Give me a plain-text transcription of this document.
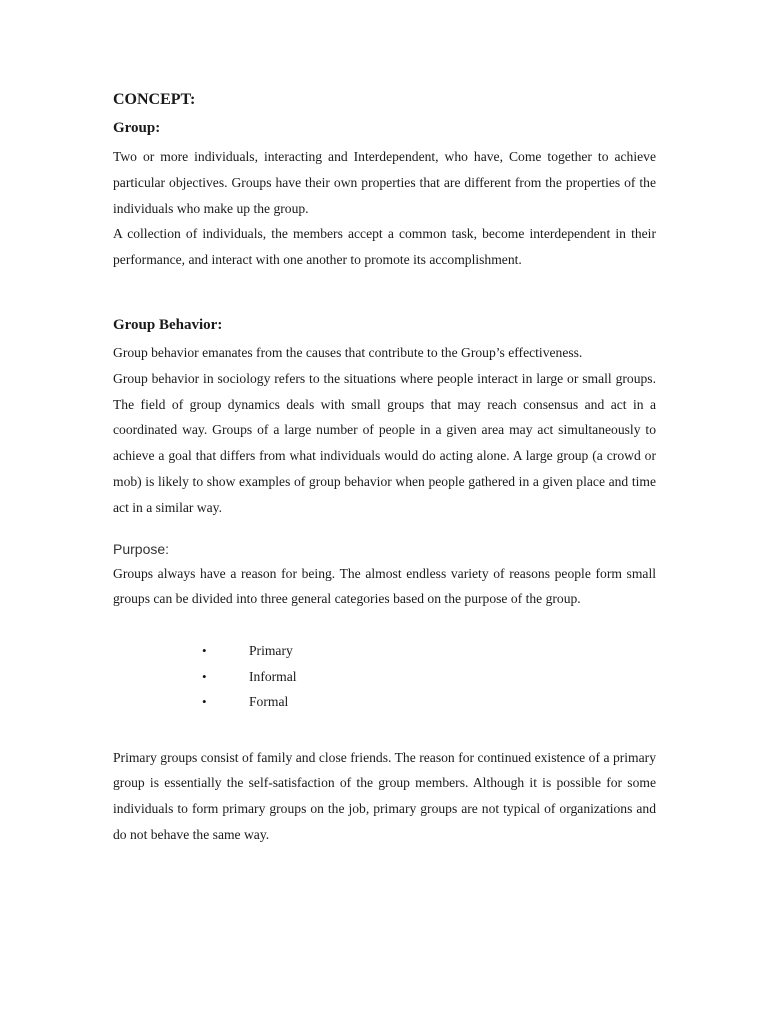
CONCEPT:
Group:

Two or more individuals, interacting and Interdependent, who have, Come together to achieve particular objectives. Groups have their own properties that are different from the properties of the individuals who make up the group.

A collection of individuals, the members accept a common task, become interdependent in their performance, and interact with one another to promote its accomplishment.

Group Behavior:

Group behavior emanates from the causes that contribute to the Group’s effectiveness.

Group behavior in sociology refers to the situations where people interact in large or small groups. The field of group dynamics deals with small groups that may reach consensus and act in a coordinated way. Groups of a large number of people in a given area may act simultaneously to achieve a goal that differs from what individuals would do acting alone. A large group (a crowd or mob) is likely to show examples of group behavior when people gathered in a given place and time act in a similar way.

Purpose:

Groups always have a reason for being. The almost endless variety of reasons people form small groups can be divided into three general categories based on the purpose of the group.

•	Primary
•	Informal
•	Formal

Primary groups consist of family and close friends. The reason for continued existence of a primary group is essentially the self-satisfaction of the group members. Although it is possible for some individuals to form primary groups on the job, primary groups are not typical of organizations and do not behave the same way.
